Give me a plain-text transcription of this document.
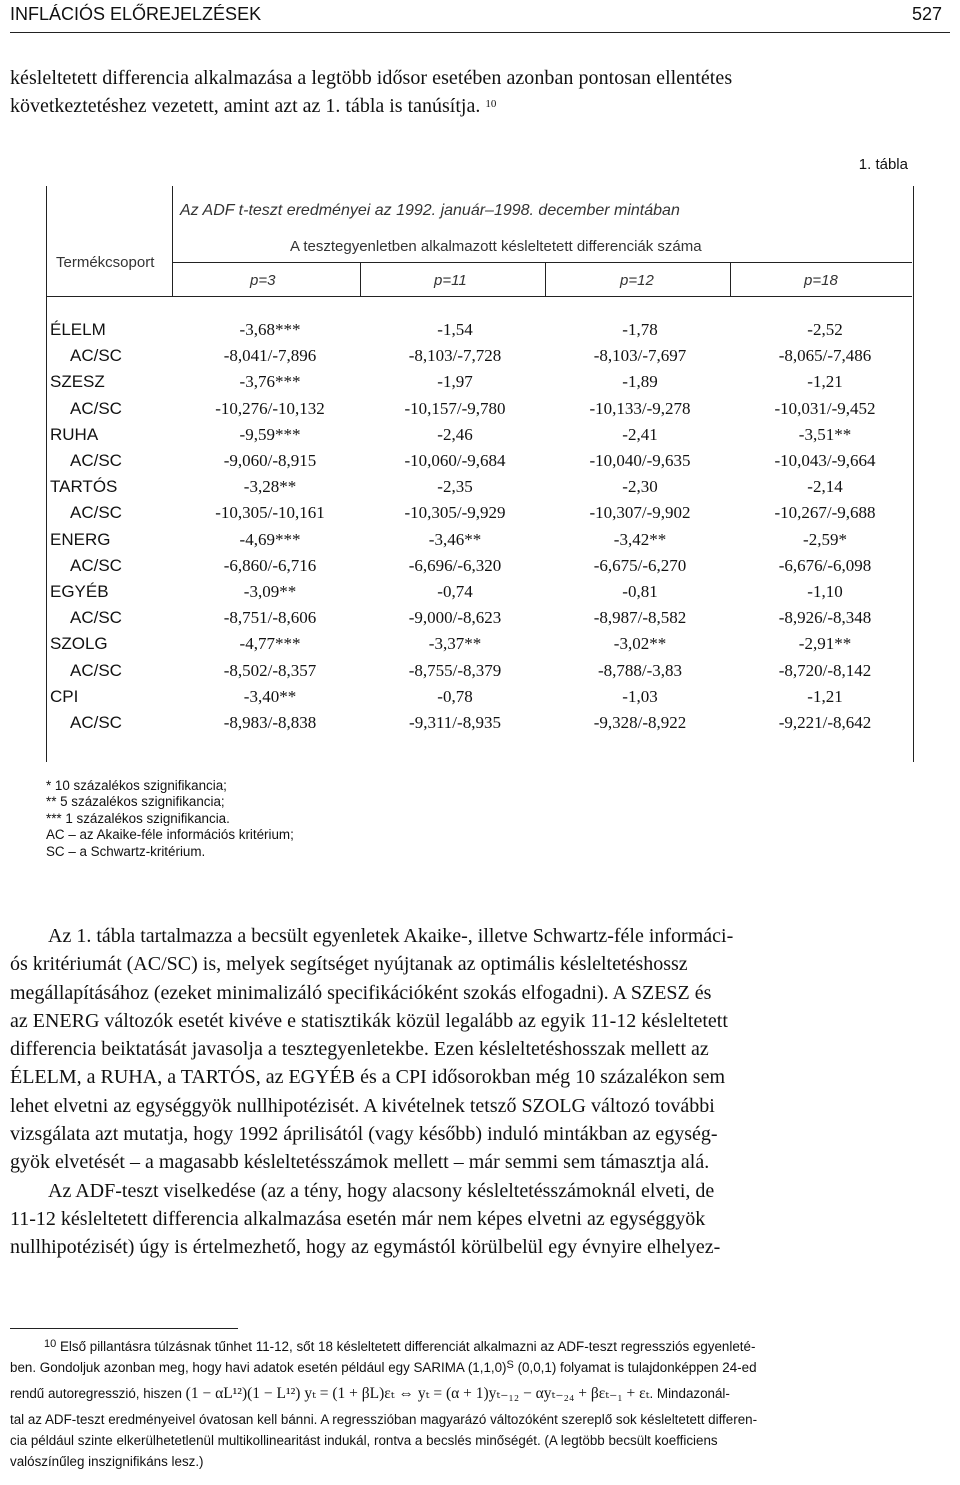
INFLÁCIÓS ELŐREJELZÉSEK	527
késleltetett differencia alkalmazása a legtöbb idősor esetében azonban pontosan ellentétes
következtetéshez vezetett, amint azt az 1. tábla is tanúsítja. $^{10}$
1. tábla
Az ADF t-teszt eredményei az 1992. január–1998. december mintában
Termékcsoport
A tesztegyenletben alkalmazott késleltetett differenciák száma
p=3	p=11	p=12	p=18
ÉLELM	-3,68***	-1,54	-1,78	-2,52
AC/SC	-8,041/-7,896	-8,103/-7,728	-8,103/-7,697	-8,065/-7,486
SZESZ	-3,76***	-1,97	-1,89	-1,21
AC/SC	-10,276/-10,132	-10,157/-9,780	-10,133/-9,278	-10,031/-9,452
RUHA	-9,59***	-2,46	-2,41	-3,51**
AC/SC	-9,060/-8,915	-10,060/-9,684	-10,040/-9,635	-10,043/-9,664
TARTÓS	-3,28**	-2,35	-2,30	-2,14
AC/SC	-10,305/-10,161	-10,305/-9,929	-10,307/-9,902	-10,267/-9,688
ENERG	-4,69***	-3,46**	-3,42**	-2,59*
AC/SC	-6,860/-6,716	-6,696/-6,320	-6,675/-6,270	-6,676/-6,098
EGYÉB	-3,09**	-0,74	-0,81	-1,10
AC/SC	-8,751/-8,606	-9,000/-8,623	-8,987/-8,582	-8,926/-8,348
SZOLG	-4,77***	-3,37**	-3,02**	-2,91**
AC/SC	-8,502/-8,357	-8,755/-8,379	-8,788/-3,83	-8,720/-8,142
CPI	-3,40**	-0,78	-1,03	-1,21
AC/SC	-8,983/-8,838	-9,311/-8,935	-9,328/-8,922	-9,221/-8,642
* 10 százalékos szignifikancia;
** 5 százalékos szignifikancia;
*** 1 százalékos szignifikancia.
AC – az Akaike-féle információs kritérium;
SC – a Schwartz-kritérium.
Az 1. tábla tartalmazza a becsült egyenletek Akaike-, illetve Schwartz-féle informáci-
ós kritériumát (AC/SC) is, melyek segítséget nyújtanak az optimális késleltetéshossz
megállapításához (ezeket minimalizáló specifikációként szokás elfogadni). A SZESZ és
az ENERG változók esetét kivéve e statisztikák közül legalább az egyik 11-12 késleltetett
differencia beiktatását javasolja a tesztegyenletekbe. Ezen késleltetéshosszak mellett az
ÉLELM, a RUHA, a TARTÓS, az EGYÉB és a CPI idősorokban még 10 százalékon sem
lehet elvetni az egységgyök nullhipotézisét. A kivételnek tetsző SZOLG változó további
vizsgálata azt mutatja, hogy 1992 áprilisától (vagy később) induló mintákban az egység-
gyök elvetését – a magasabb késleltetésszámok mellett – már semmi sem támasztja alá.
Az ADF-teszt viselkedése (az a tény, hogy alacsony késleltetésszámoknál elveti, de
11-12 késleltetett differencia alkalmazása esetén már nem képes elvetni az egységgyök
nullhipotézisét) úgy is értelmezhető, hogy az egymástól körülbelül egy évnyire elhelyez-
$^{10}$ Első pillantásra túlzásnak tűnhet 11-12, sőt 18 késleltetett differenciát alkalmazni az ADF-teszt regressziós egyenleté-
ben. Gondoljuk azonban meg, hogy havi adatok esetén például egy SARIMA $(1,1,0)^S$ (0,0,1) folyamat is tulajdonképpen 24-ed
rendű autoregresszió, hiszen (1 − αL¹²)(1 − L¹²) yₜ = (1 + βL)εₜ ⇔ yₜ = (α + 1)yₜ₋₁₂ − αyₜ₋₂₄ + βεₜ₋₁ + εₜ. Mindazonál-
tal az ADF-teszt eredményeivel óvatosan kell bánni. A regresszióban magyarázó változóként szereplő sok késleltetett differen-
cia például szinte elkerülhetetlenül multikollinearitást indukál, rontva a becslés minőségét. (A legtöbb becsült koefficiens
valószínűleg inszignifikáns lesz.)
